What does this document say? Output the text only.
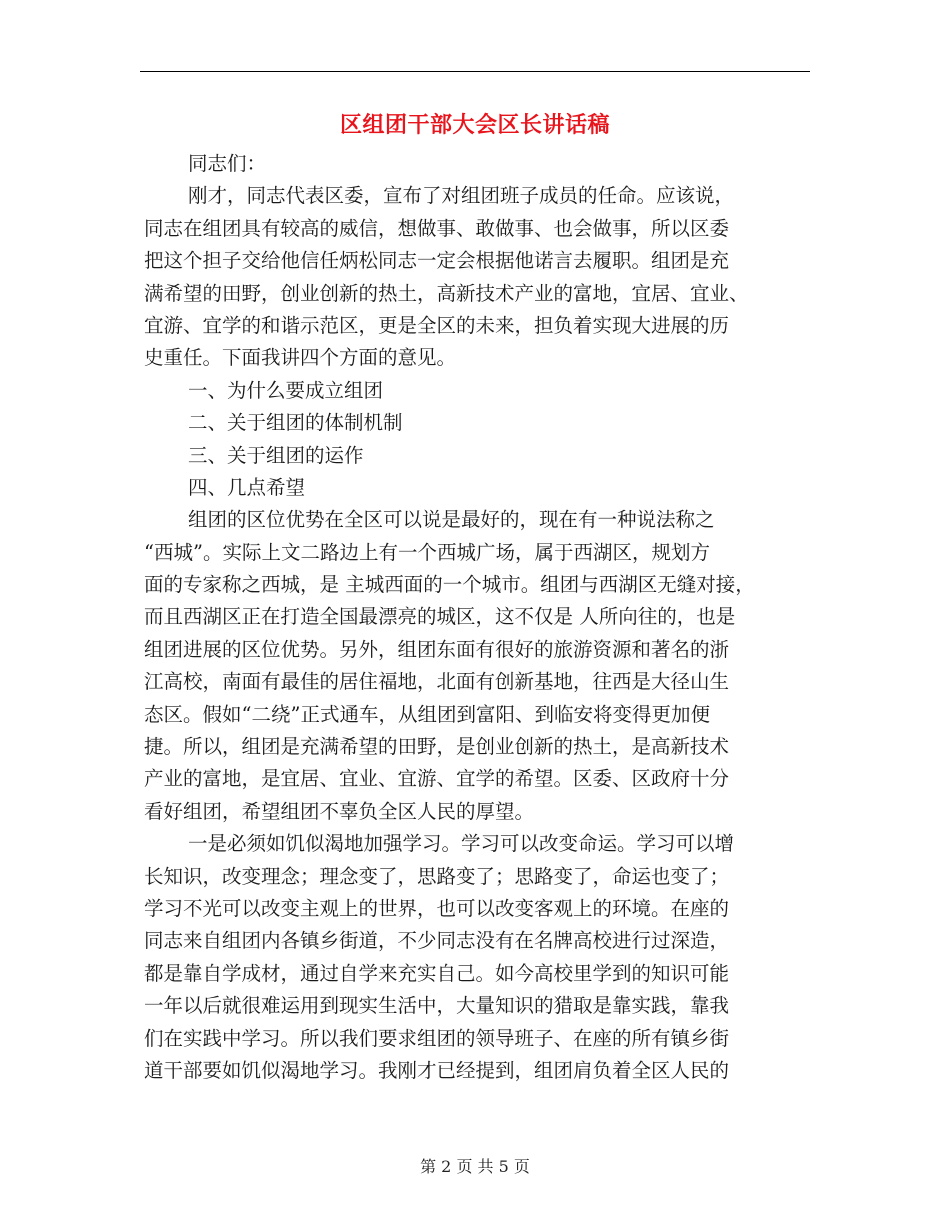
区组团干部大会区长讲话稿
同志们：
刚才，同志代表区委，宣布了对组团班子成员的任命。应该说，
同志在组团具有较高的威信，想做事、敢做事、也会做事，所以区委
把这个担子交给他信任炳松同志一定会根据他诺言去履职。组团是充
满希望的田野，创业创新的热土，高新技术产业的富地，宜居、宜业、
宜游、宜学的和谐示范区，更是全区的未来，担负着实现大进展的历
史重任。下面我讲四个方面的意见。
一、为什么要成立组团
二、关于组团的体制机制
三、关于组团的运作
四、几点希望
组团的区位优势在全区可以说是最好的，现在有一种说法称之
“西城”。实际上文二路边上有一个西城广场，属于西湖区，规划方
面的专家称之西城，是 主城西面的一个城市。组团与西湖区无缝对接，
而且西湖区正在打造全国最漂亮的城区，这不仅是 人所向往的，也是
组团进展的区位优势。另外，组团东面有很好的旅游资源和著名的浙
江高校，南面有最佳的居住福地，北面有创新基地，往西是大径山生
态区。假如“二绕”正式通车，从组团到富阳、到临安将变得更加便
捷。所以，组团是充满希望的田野，是创业创新的热土，是高新技术
产业的富地，是宜居、宜业、宜游、宜学的希望。区委、区政府十分
看好组团，希望组团不辜负全区人民的厚望。
一是必须如饥似渴地加强学习。学习可以改变命运。学习可以增
长知识，改变理念；理念变了，思路变了；思路变了，命运也变了；
学习不光可以改变主观上的世界，也可以改变客观上的环境。在座的
同志来自组团内各镇乡街道，不少同志没有在名牌高校进行过深造，
都是靠自学成材，通过自学来充实自己。如今高校里学到的知识可能
一年以后就很难运用到现实生活中，大量知识的猎取是靠实践，靠我
们在实践中学习。所以我们要求组团的领导班子、在座的所有镇乡街
道干部要如饥似渴地学习。我刚才已经提到，组团肩负着全区人民的
第 2 页 共 5 页
